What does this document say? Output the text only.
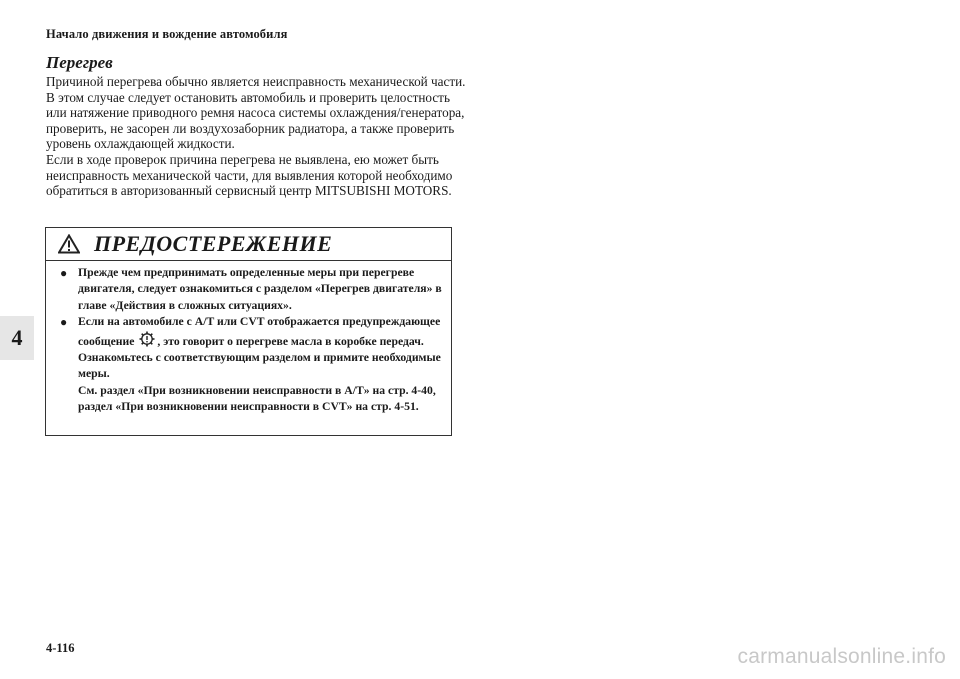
Начало движения и вождение автомобиля
Перегрев

Причиной перегрева обычно является неисправность механической части. В этом случае следует остановить автомобиль и проверить целостность или натяжение приводного ремня насоса системы охлаждения/генератора, проверить, не засорен ли воздухозаборник радиатора, а также проверить уровень охлаждающей жидкости.

Если в ходе проверок причина перегрева не выявлена, ею может быть неисправность механической части, для выявления которой необходимо обратиться в авторизованный сервисный центр MITSUBISHI MOTORS.

4
ПРЕДОСТЕРЕЖЕНИЕ
● Прежде чем предпринимать определенные меры при перегреве двигателя, следует ознакомиться с разделом «Перегрев двигателя» в главе «Действия в сложных ситуациях».

● Если на автомобиле с A/T или CVT отображается предупреждающее сообщение , это говорит о перегреве масла в коробке передач.
Ознакомьтесь с соответствующим разделом и примите необходимые меры.
См. раздел «При возникновении неисправности в A/T» на стр. 4-40, раздел «При возникновении неисправности в CVT» на стр. 4-51.

4-116	carmanualsonline.info
